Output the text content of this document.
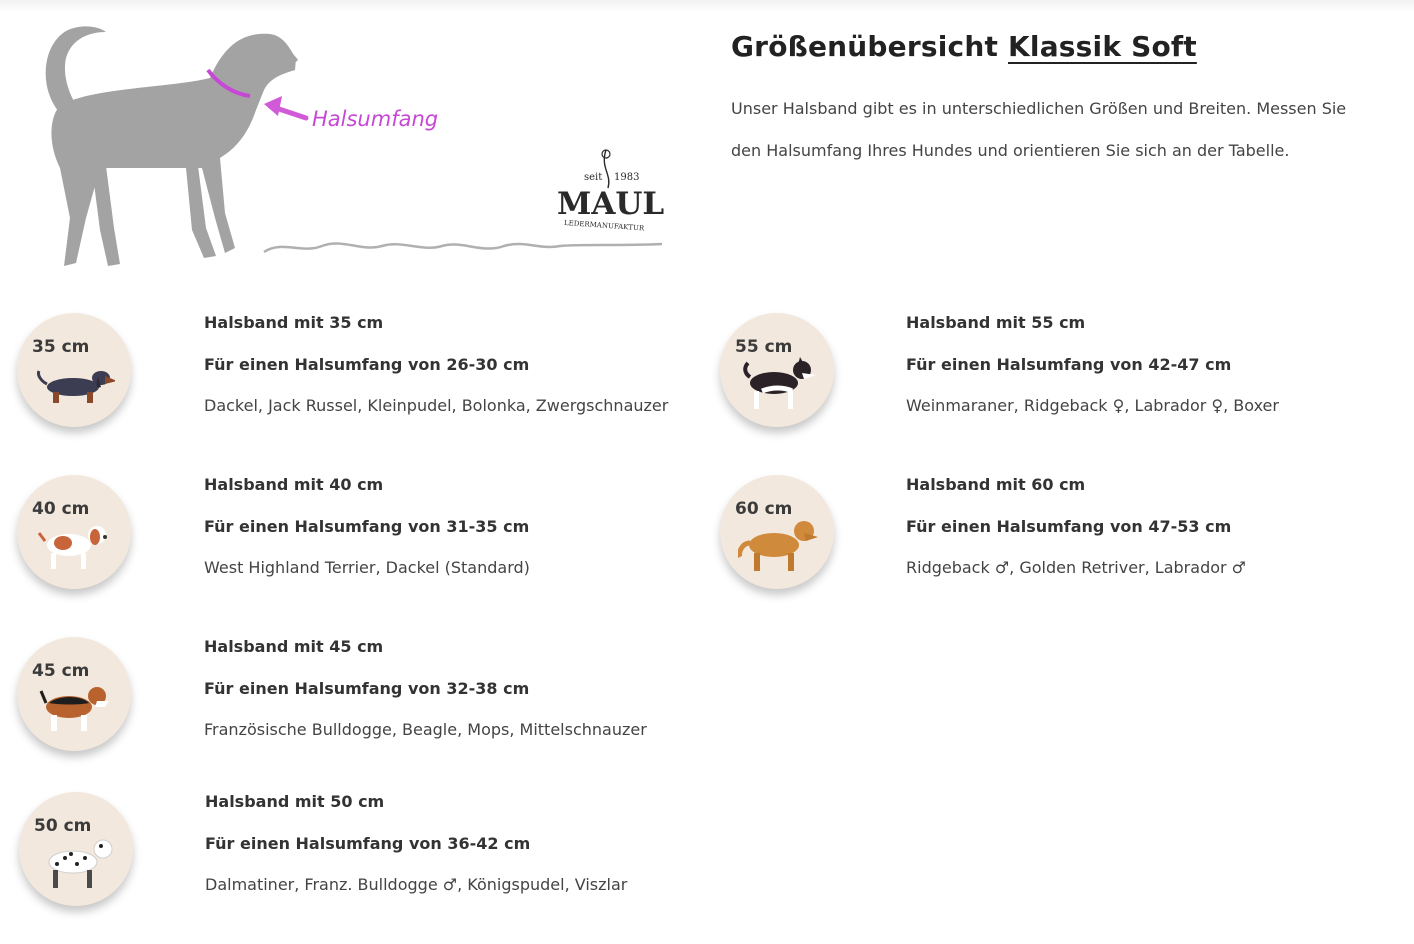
Halsumfang
seit 1983
MAUL
LEDERMANUFAKTUR
Größenübersicht Klassik Soft

Unser Halsband gibt es in unterschiedlichen Größen und Breiten. Messen Sie den Halsumfang Ihres Hundes und orientieren Sie sich an der Tabelle.

35 cm
Halsband mit 35 cm
Für einen Halsumfang von 26-30 cm
Dackel, Jack Russel, Kleinpudel, Bolonka, Zwergschnauzer
40 cm
Halsband mit 40 cm
Für einen Halsumfang von 31-35 cm
West Highland Terrier, Dackel (Standard)
45 cm
Halsband mit 45 cm
Für einen Halsumfang von 32-38 cm
Französische Bulldogge, Beagle, Mops, Mittelschnauzer
50 cm
Halsband mit 50 cm
Für einen Halsumfang von 36-42 cm
Dalmatiner, Franz. Bulldogge ♂, Königspudel, Viszlar
55 cm
Halsband mit 55 cm
Für einen Halsumfang von 42-47 cm
Weinmaraner, Ridgeback ♀, Labrador ♀, Boxer
60 cm
Halsband mit 60 cm
Für einen Halsumfang von 47-53 cm
Ridgeback ♂, Golden Retriver, Labrador ♂
